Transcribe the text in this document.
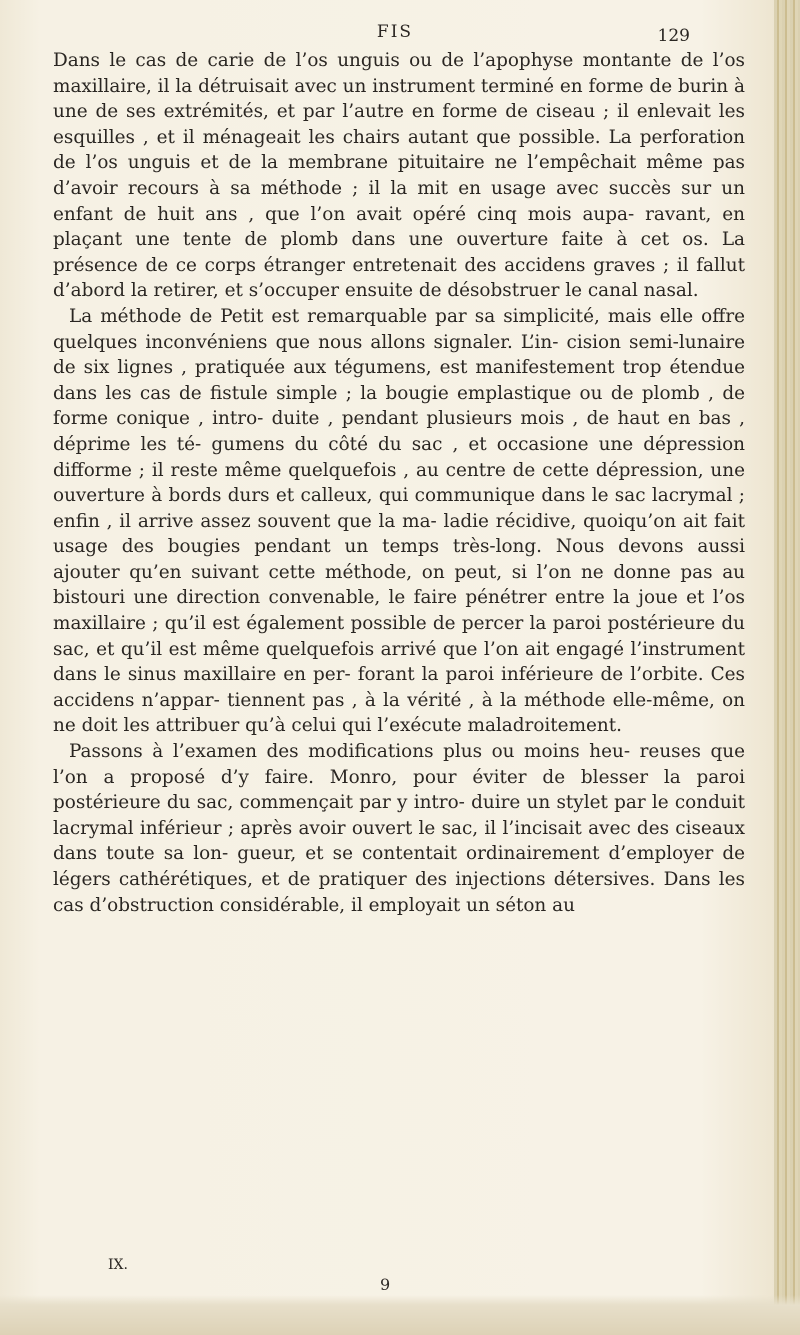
FIS	129

Dans le cas de carie de l’os unguis ou de l’apophyse montante de l’os maxillaire, il la détruisait avec un instrument terminé en forme de burin à une de ses extrémités, et par l’autre en forme de ciseau ; il enlevait les esquilles , et il ménageait les chairs autant que possible. La perforation de l’os unguis et de la membrane pituitaire ne l’empêchait même pas d’avoir recours à sa méthode ; il la mit en usage avec succès sur un enfant de huit ans , que l’on avait opéré cinq mois aupa- ravant, en plaçant une tente de plomb dans une ouverture faite à cet os. La présence de ce corps étranger entretenait des accidens graves ; il fallut d’abord la retirer, et s’occuper ensuite de désobstruer le canal nasal.

La méthode de Petit est remarquable par sa simplicité, mais elle offre quelques inconvéniens que nous allons signaler. L’in- cision semi-lunaire de six lignes , pratiquée aux tégumens, est manifestement trop étendue dans les cas de fistule simple ; la bougie emplastique ou de plomb , de forme conique , intro- duite , pendant plusieurs mois , de haut en bas , déprime les té- gumens du côté du sac , et occasione une dépression difforme ; il reste même quelquefois , au centre de cette dépression, une ouverture à bords durs et calleux, qui communique dans le sac lacrymal ; enfin , il arrive assez souvent que la ma- ladie récidive, quoiqu’on ait fait usage des bougies pendant un temps très-long. Nous devons aussi ajouter qu’en suivant cette méthode, on peut, si l’on ne donne pas au bistouri une direction convenable, le faire pénétrer entre la joue et l’os maxillaire ; qu’il est également possible de percer la paroi postérieure du sac, et qu’il est même quelquefois arrivé que l’on ait engagé l’instrument dans le sinus maxillaire en per- forant la paroi inférieure de l’orbite. Ces accidens n’appar- tiennent pas , à la vérité , à la méthode elle-même, on ne doit les attribuer qu’à celui qui l’exécute maladroitement.

Passons à l’examen des modifications plus ou moins heu- reuses que l’on a proposé d’y faire. Monro, pour éviter de blesser la paroi postérieure du sac, commençait par y intro- duire un stylet par le conduit lacrymal inférieur ; après avoir ouvert le sac, il l’incisait avec des ciseaux dans toute sa lon- gueur, et se contentait ordinairement d’employer de légers cathérétiques, et de pratiquer des injections détersives. Dans les cas d’obstruction considérable, il employait un séton au

IX.
9
